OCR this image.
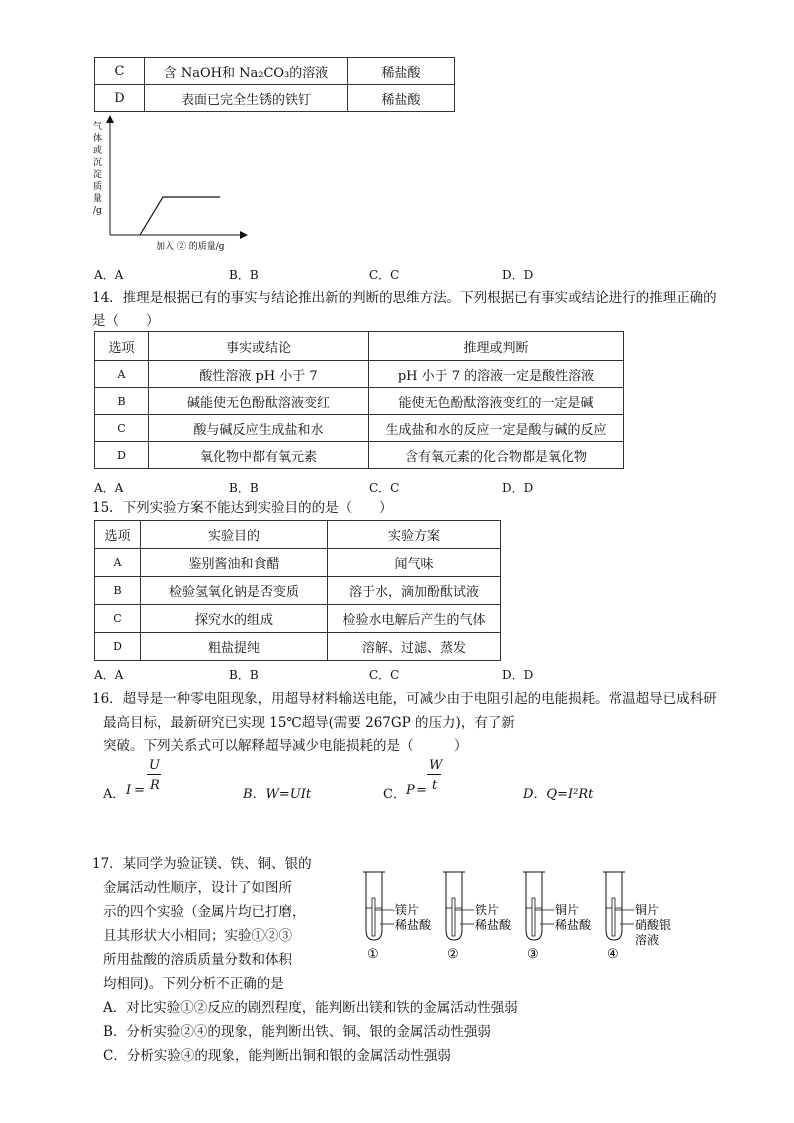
C	含 NaOH和 Na₂CO₃的溶液	稀盐酸
D	表面已完全生锈的铁钉	稀盐酸
气
体
或
沉
淀
质
量
/g
加入 ② 的质量/g
A．A	B．B	C．C	D．D
14．推理是根据已有的事实与结论推出新的判断的思维方法。下列根据已有事实或结论进行的推理正确的
是（　　）
选项	事实或结论	推理或判断
A	酸性溶液 pH 小于 7	pH 小于 7 的溶液一定是酸性溶液
B	碱能使无色酚酞溶液变红	能使无色酚酞溶液变红的一定是碱
C	酸与碱反应生成盐和水	生成盐和水的反应一定是酸与碱的反应
D	氧化物中都有氧元素	含有氧元素的化合物都是氧化物
A．A	B．B	C．C	D．D
15．下列实验方案不能达到实验目的的是（　　）
选项	实验目的	实验方案
A	鉴别酱油和食醋	闻气味
B	检验氢氧化钠是否变质	溶于水，滴加酚酞试液
C	探究水的组成	检验水电解后产生的气体
D	粗盐提纯	溶解、过滤、蒸发
A．A	B．B	C．C	D．D
16．超导是一种零电阻现象，用超导材料输送电能，可减少由于电阻引起的电能损耗。常温超导已成科研
最高目标，最新研究已实现 15℃超导(需要 267GP 的压力)，有了新
突破。下列关系式可以解释超导减少电能损耗的是（　　　）
A． I =
U
R
B．W=UIt	C． P =
W
t
D．Q=I²Rt
17．某同学为验证镁、铁、铜、银的
金属活动性顺序，设计了如图所
示的四个实验（金属片均已打磨，
且其形状大小相同；实验①②③
所用盐酸的溶质质量分数和体积
均相同)。下列分析不正确的是
镁片
稀盐酸
①
铁片
稀盐酸
②
铜片
稀盐酸
③
铜片
硝酸银
溶液
④
A．对比实验①②反应的剧烈程度，能判断出镁和铁的金属活动性强弱
B．分析实验②④的现象，能判断出铁、铜、银的金属活动性强弱
C．分析实验④的现象，能判断出铜和银的金属活动性强弱
